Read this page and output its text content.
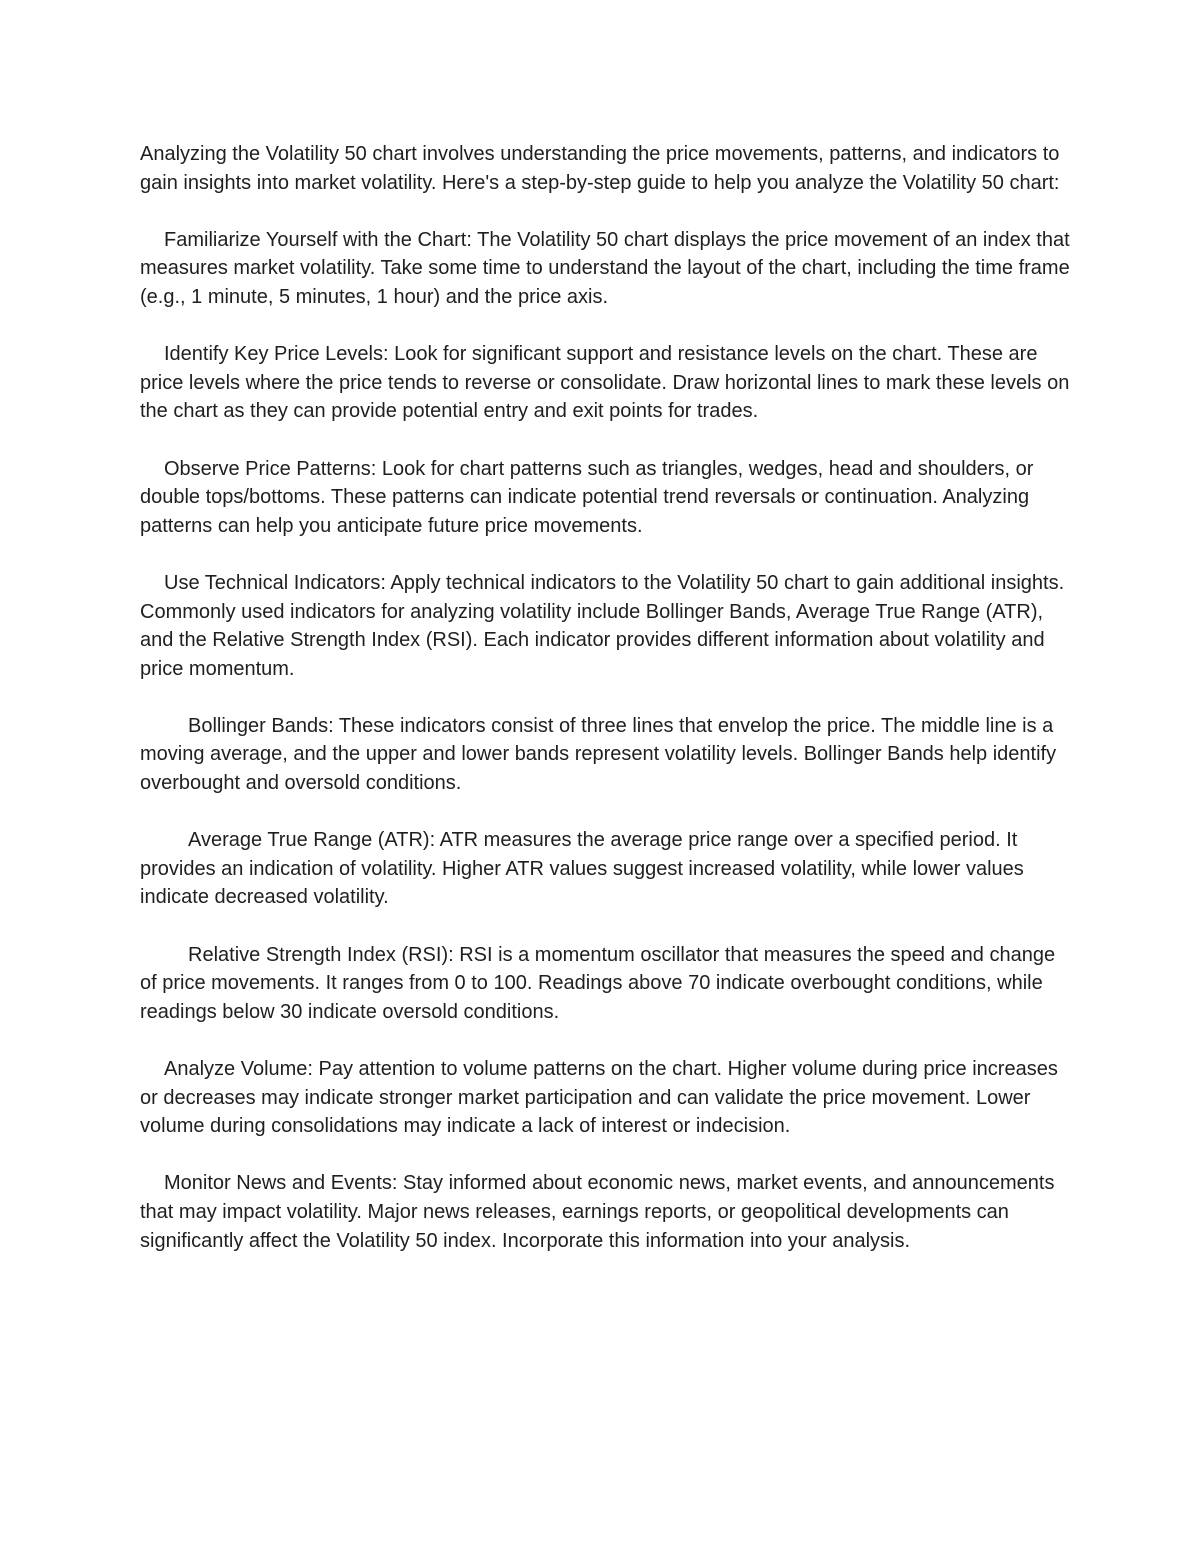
Analyzing the Volatility 50 chart involves understanding the price movements, patterns, and indicators to gain insights into market volatility. Here's a step-by-step guide to help you analyze the Volatility 50 chart:

Familiarize Yourself with the Chart: The Volatility 50 chart displays the price movement of an index that measures market volatility. Take some time to understand the layout of the chart, including the time frame (e.g., 1 minute, 5 minutes, 1 hour) and the price axis.

Identify Key Price Levels: Look for significant support and resistance levels on the chart. These are price levels where the price tends to reverse or consolidate. Draw horizontal lines to mark these levels on the chart as they can provide potential entry and exit points for trades.

Observe Price Patterns: Look for chart patterns such as triangles, wedges, head and shoulders, or double tops/bottoms. These patterns can indicate potential trend reversals or continuation. Analyzing patterns can help you anticipate future price movements.

Use Technical Indicators: Apply technical indicators to the Volatility 50 chart to gain additional insights. Commonly used indicators for analyzing volatility include Bollinger Bands, Average True Range (ATR), and the Relative Strength Index (RSI). Each indicator provides different information about volatility and price momentum.

Bollinger Bands: These indicators consist of three lines that envelop the price. The middle line is a moving average, and the upper and lower bands represent volatility levels. Bollinger Bands help identify overbought and oversold conditions.

Average True Range (ATR): ATR measures the average price range over a specified period. It provides an indication of volatility. Higher ATR values suggest increased volatility, while lower values indicate decreased volatility.

Relative Strength Index (RSI): RSI is a momentum oscillator that measures the speed and change of price movements. It ranges from 0 to 100. Readings above 70 indicate overbought conditions, while readings below 30 indicate oversold conditions.

Analyze Volume: Pay attention to volume patterns on the chart. Higher volume during price increases or decreases may indicate stronger market participation and can validate the price movement. Lower volume during consolidations may indicate a lack of interest or indecision.

Monitor News and Events: Stay informed about economic news, market events, and announcements that may impact volatility. Major news releases, earnings reports, or geopolitical developments can significantly affect the Volatility 50 index. Incorporate this information into your analysis.
